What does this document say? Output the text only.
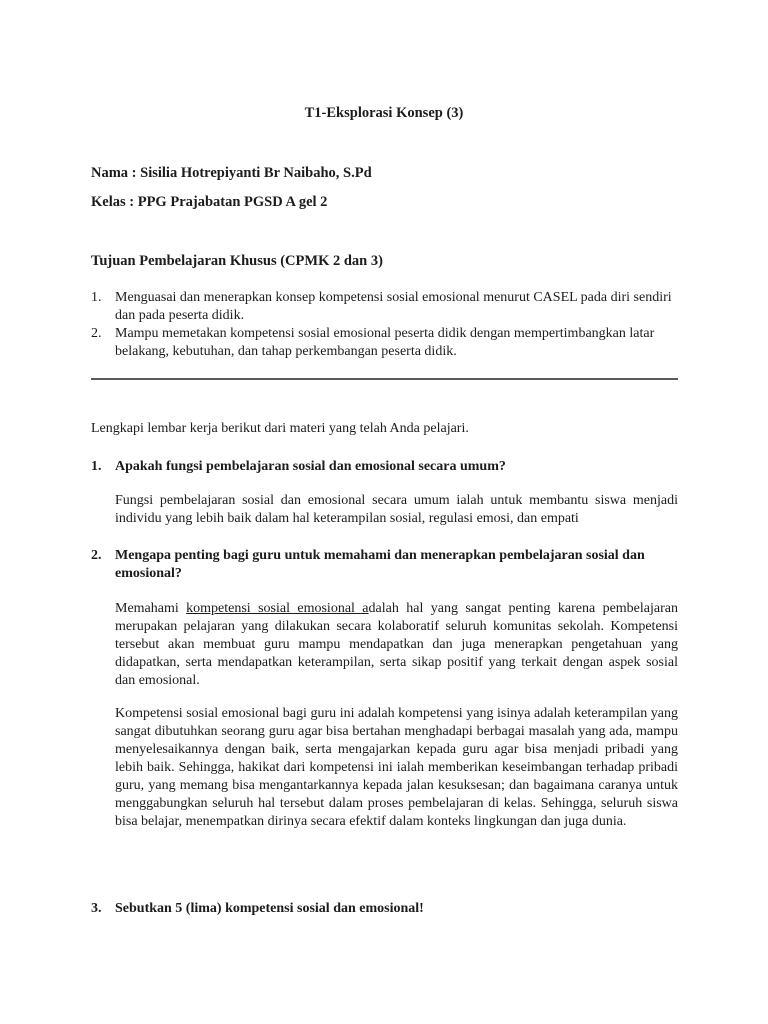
T1-Eksplorasi Konsep (3)
Nama : Sisilia Hotrepiyanti Br Naibaho, S.Pd
Kelas : PPG Prajabatan PGSD A gel 2
Tujuan Pembelajaran Khusus (CPMK 2 dan 3)
1. Menguasai dan menerapkan konsep kompetensi sosial emosional menurut CASEL pada diri sendiri dan pada peserta didik.
2. Mampu memetakan kompetensi sosial emosional peserta didik dengan mempertimbangkan latar belakang, kebutuhan, dan tahap perkembangan peserta didik.
Lengkapi lembar kerja berikut dari materi yang telah Anda pelajari.
1. Apakah fungsi pembelajaran sosial dan emosional secara umum?

Fungsi pembelajaran sosial dan emosional secara umum ialah untuk membantu siswa menjadi individu yang lebih baik dalam hal keterampilan sosial, regulasi emosi, dan empati

2. Mengapa penting bagi guru untuk memahami dan menerapkan pembelajaran sosial dan emosional?

Memahami kompetensi sosial emosional adalah hal yang sangat penting karena pembelajaran merupakan pelajaran yang dilakukan secara kolaboratif seluruh komunitas sekolah. Kompetensi tersebut akan membuat guru mampu mendapatkan dan juga menerapkan pengetahuan yang didapatkan, serta mendapatkan keterampilan, serta sikap positif yang terkait dengan aspek sosial dan emosional.

Kompetensi sosial emosional bagi guru ini adalah kompetensi yang isinya adalah keterampilan yang sangat dibutuhkan seorang guru agar bisa bertahan menghadapi berbagai masalah yang ada, mampu menyelesaikannya dengan baik, serta mengajarkan kepada guru agar bisa menjadi pribadi yang lebih baik. Sehingga, hakikat dari kompetensi ini ialah memberikan keseimbangan terhadap pribadi guru, yang memang bisa mengantarkannya kepada jalan kesuksesan; dan bagaimana caranya untuk menggabungkan seluruh hal tersebut dalam proses pembelajaran di kelas. Sehingga, seluruh siswa bisa belajar, menempatkan dirinya secara efektif dalam konteks lingkungan dan juga dunia.

3. Sebutkan 5 (lima) kompetensi sosial dan emosional!
